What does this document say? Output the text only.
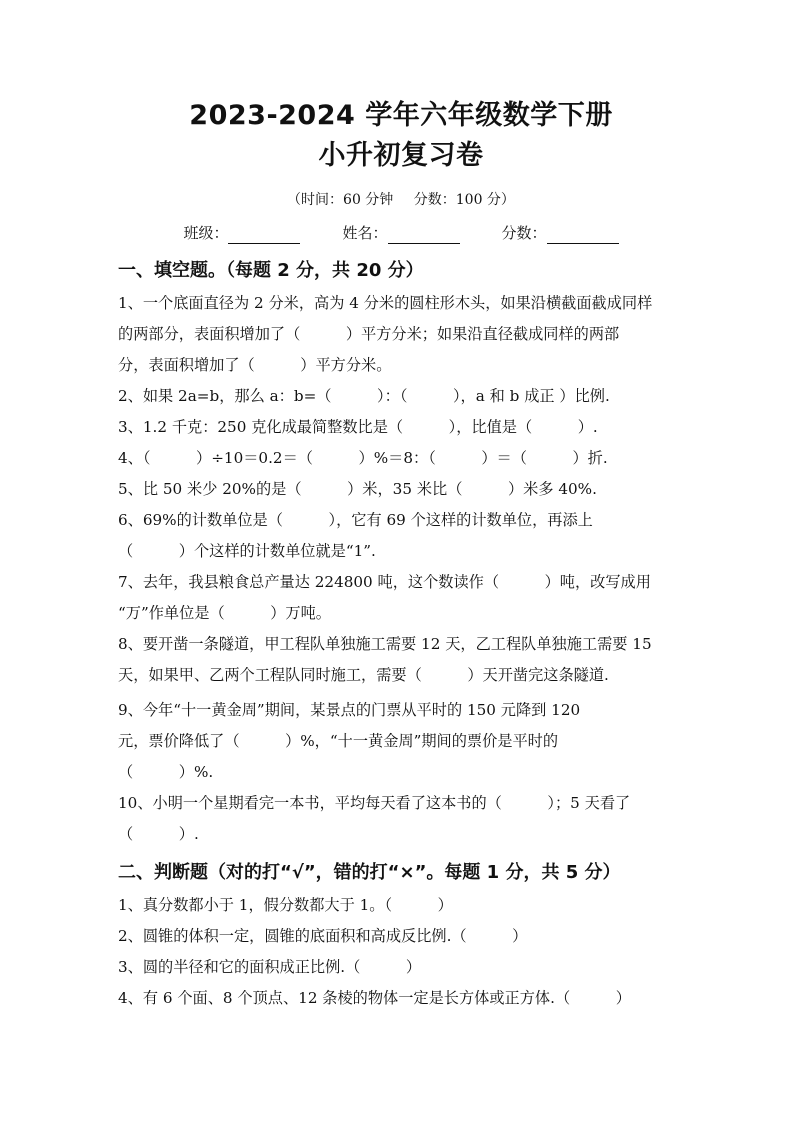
2023-2024 学年六年级数学下册
小升初复习卷
（时间：60 分钟 分数：100 分）
班级：	姓名：	分数：
一、填空题。（每题 2 分，共 20 分）

1、一个底面直径为 2 分米，高为 4 分米的圆柱形木头，如果沿横截面截成同样

的两部分，表面积增加了（　　　）平方分米；如果沿直径截成同样的两部

分，表面积增加了（　　　）平方分米。

2、如果 2a=b，那么 a：b=（　　　）：（　　　），a 和 b 成正 ）比例.

3、1.2 千克：250 克化成最简整数比是（　　　），比值是（　　　）.

4、（　　　）÷10＝0.2＝（　　　）%＝8：（　　　）＝（　　　）折.

5、比 50 米少 20%的是（　　　）米，35 米比（　　　）米多 40%.

6、69%的计数单位是（　　　），它有 69 个这样的计数单位，再添上

（　　　）个这样的计数单位就是“1”.

7、去年，我县粮食总产量达 224800 吨，这个数读作（　　　）吨，改写成用

“万”作单位是（　　　）万吨。

8、要开凿一条隧道，甲工程队单独施工需要 12 天，乙工程队单独施工需要 15

天，如果甲、乙两个工程队同时施工，需要（　　　）天开凿完这条隧道.

9、今年“十一黄金周”期间，某景点的门票从平时的 150 元降到 120

元，票价降低了（　　　）%，“十一黄金周”期间的票价是平时的

（　　　）%.

10、小明一个星期看完一本书，平均每天看了这本书的（　　　）；5 天看了

（　　　）.

二、判断题（对的打“√”，错的打“×”。每题 1 分，共 5 分）

1、真分数都小于 1，假分数都大于 1。（　　　）

2、圆锥的体积一定，圆锥的底面积和高成反比例.（　　　）

3、圆的半径和它的面积成正比例.（　　　）

4、有 6 个面、8 个顶点、12 条棱的物体一定是长方体或正方体.（　　　）
